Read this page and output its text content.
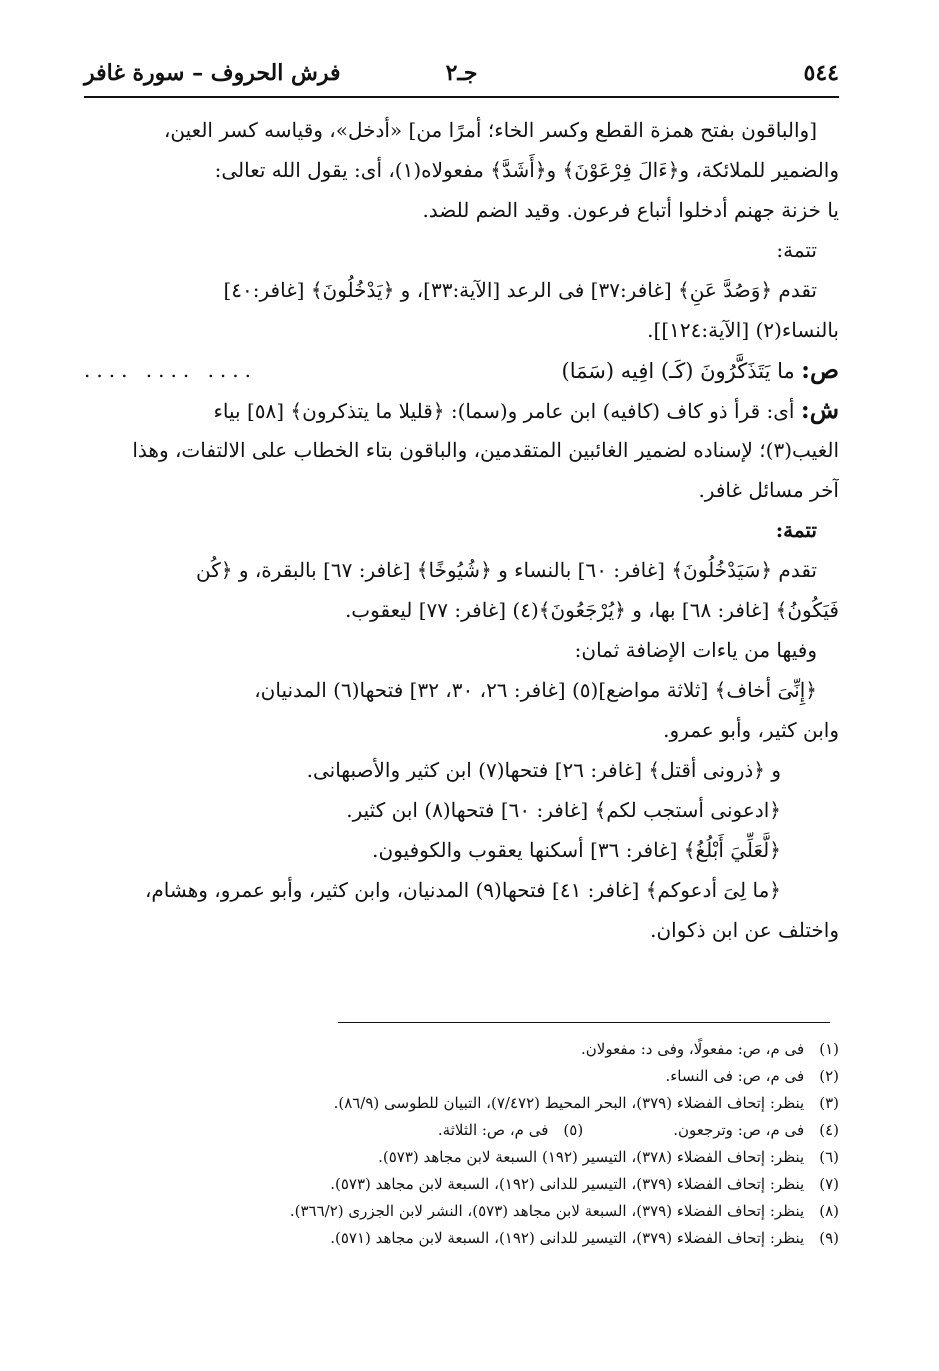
٥٤٤
جـ٢
فرش الحروف – سورة غافر
[والباقون بفتح همزة القطع وكسر الخاء؛ أمرًا من] «أدخل»، وقياسه كسر العين،
والضمير للملائكة، و﴿ءَالَ فِرْعَوْنَ﴾ و﴿أَشَدَّ﴾ مفعولاه(١)، أى: يقول الله تعالى:
يا خزنة جهنم أدخلوا أتباع فرعون. وقيد الضم للضد.
تتمة:
تقدم ﴿وَصُدَّ عَنِ﴾ [غافر:٣٧] فى الرعد [الآية:٣٣]، و ﴿يَدْخُلُونَ﴾ [غافر:٤٠]
بالنساء(٢) [الآية:١٢٤]].
ص: ما يَتَذَكَّرُونَ (كَـ) افِيه (سَمَا)
.... .... ....
ش: أى: قرأ ذو كاف (كافيه) ابن عامر و(سما): ﴿قليلا ما يتذكرون﴾ [٥٨] بياء
الغيب(٣)؛ لإسناده لضمير الغائبين المتقدمين، والباقون بتاء الخطاب على الالتفات، وهذا
آخر مسائل غافر.
تتمة:
تقدم ﴿سَيَدْخُلُونَ﴾ [غافر: ٦٠] بالنساء و ﴿شُيُوخًا﴾ [غافر: ٦٧] بالبقرة، و ﴿كُن
فَيَكُونُ﴾ [غافر: ٦٨] بها، و ﴿يُرْجَعُونَ﴾(٤) [غافر: ٧٧] ليعقوب.
وفيها من ياءات الإضافة ثمان:
﴿إِنِّىَ أخاف﴾ [ثلاثة مواضع](٥) [غافر: ٢٦، ٣٠، ٣٢] فتحها(٦) المدنيان،
وابن كثير، وأبو عمرو.
و ﴿ذرونى أقتل﴾ [غافر: ٢٦] فتحها(٧) ابن كثير والأصبهانى.
﴿ادعونى أستجب لكم﴾ [غافر: ٦٠] فتحها(٨) ابن كثير.
﴿لَّعَلِّيَ أَبْلُغُ﴾ [غافر: ٣٦] أسكنها يعقوب والكوفيون.
﴿ما لِىَ أدعوكم﴾ [غافر: ٤١] فتحها(٩) المدنيان، وابن كثير، وأبو عمرو، وهشام،
واختلف عن ابن ذكوان.
(١) فى م، ص: مفعولًا، وفى د: مفعولان.
(٢) فى م، ص: فى النساء.
(٣) ينظر: إتحاف الفضلاء (٣٧٩)، البحر المحيط (٧/٤٧٢)، التبيان للطوسى (٨٦/٩).
(٤) فى م، ص: وترجعون.(٥) فى م، ص: الثلاثة.
(٦) ينظر: إتحاف الفضلاء (٣٧٨)، التيسير (١٩٢) السبعة لابن مجاهد (٥٧٣).
(٧) ينظر: إتحاف الفضلاء (٣٧٩)، التيسير للدانى (١٩٢)، السبعة لابن مجاهد (٥٧٣).
(٨) ينظر: إتحاف الفضلاء (٣٧٩)، السبعة لابن مجاهد (٥٧٣)، النشر لابن الجزرى (٣٦٦/٢).
(٩) ينظر: إتحاف الفضلاء (٣٧٩)، التيسير للدانى (١٩٢)، السبعة لابن مجاهد (٥٧١).
